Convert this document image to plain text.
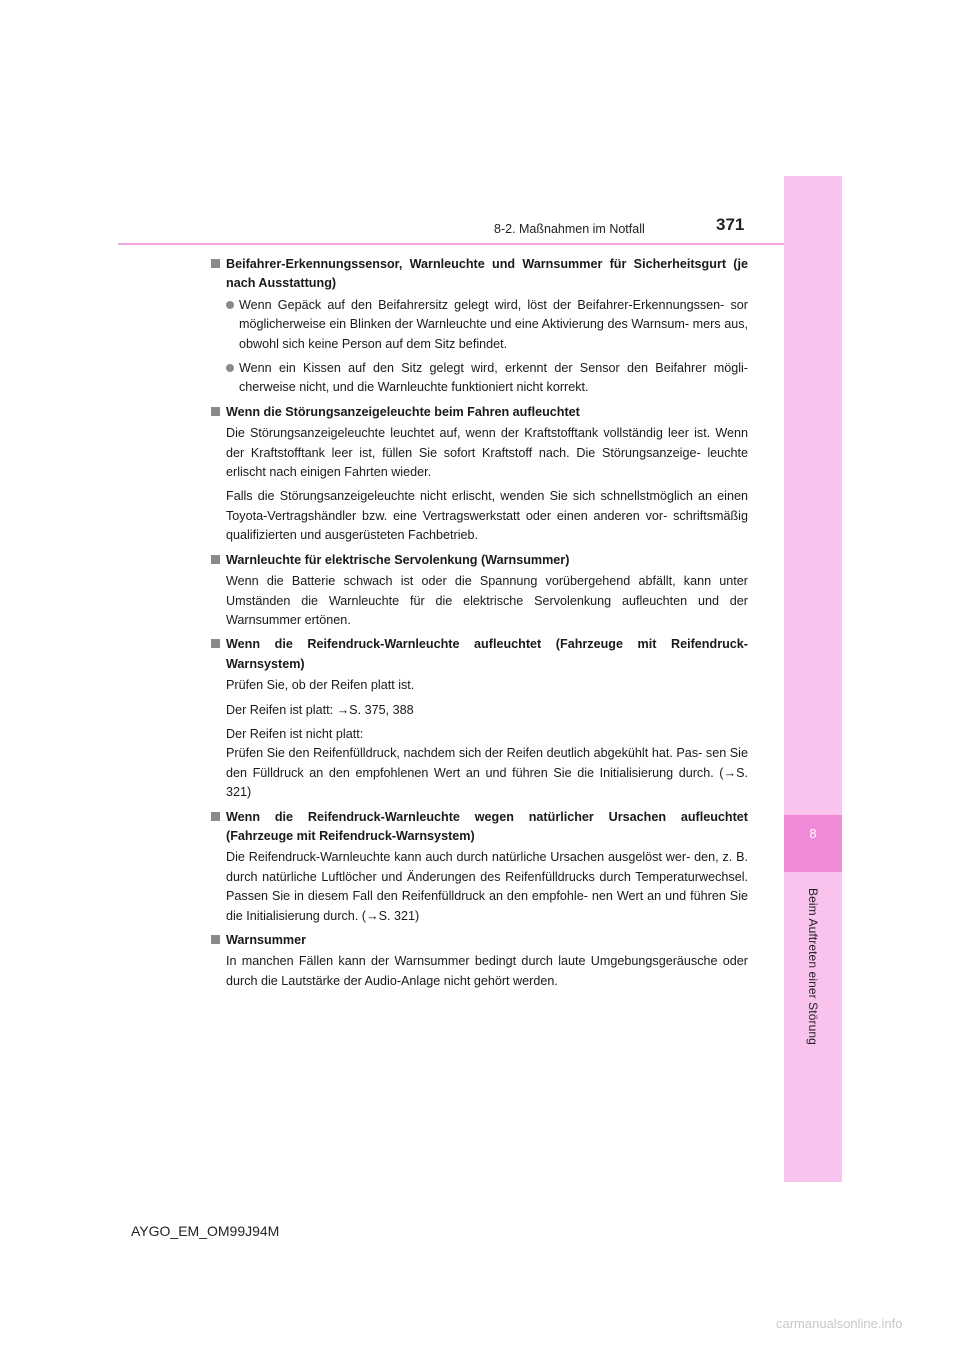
8
Beim Auftreten einer Störung
8-2. Maßnahmen im Notfall	371
Beifahrer-Erkennungssensor, Warnleuchte und Warnsummer für Sicherheitsgurt (je nach Ausstattung)
Wenn Gepäck auf den Beifahrersitz gelegt wird, löst der Beifahrer-Erkennungssen- sor möglicherweise ein Blinken der Warnleuchte und eine Aktivierung des Warnsum- mers aus, obwohl sich keine Person auf dem Sitz befindet.
Wenn ein Kissen auf den Sitz gelegt wird, erkennt der Sensor den Beifahrer mögli- cherweise nicht, und die Warnleuchte funktioniert nicht korrekt.
Wenn die Störungsanzeigeleuchte beim Fahren aufleuchtet
Die Störungsanzeigeleuchte leuchtet auf, wenn der Kraftstofftank vollständig leer ist. Wenn der Kraftstofftank leer ist, füllen Sie sofort Kraftstoff nach. Die Störungsanzeige- leuchte erlischt nach einigen Fahrten wieder.
Falls die Störungsanzeigeleuchte nicht erlischt, wenden Sie sich schnellstmöglich an einen Toyota-Vertragshändler bzw. eine Vertragswerkstatt oder einen anderen vor- schriftsmäßig qualifizierten und ausgerüsteten Fachbetrieb.
Warnleuchte für elektrische Servolenkung (Warnsummer)
Wenn die Batterie schwach ist oder die Spannung vorübergehend abfällt, kann unter Umständen die Warnleuchte für die elektrische Servolenkung aufleuchten und der Warnsummer ertönen.
Wenn die Reifendruck-Warnleuchte aufleuchtet (Fahrzeuge mit Reifendruck- Warnsystem)
Prüfen Sie, ob der Reifen platt ist.
Der Reifen ist platt: →S. 375, 388
Der Reifen ist nicht platt:
Prüfen Sie den Reifenfülldruck, nachdem sich der Reifen deutlich abgekühlt hat. Pas- sen Sie den Fülldruck an den empfohlenen Wert an und führen Sie die Initialisierung durch. (→S. 321)
Wenn die Reifendruck-Warnleuchte wegen natürlicher Ursachen aufleuchtet (Fahrzeuge mit Reifendruck-Warnsystem)
Die Reifendruck-Warnleuchte kann auch durch natürliche Ursachen ausgelöst wer- den, z. B. durch natürliche Luftlöcher und Änderungen des Reifenfülldrucks durch Temperaturwechsel. Passen Sie in diesem Fall den Reifenfülldruck an den empfohle- nen Wert an und führen Sie die Initialisierung durch. (→S. 321)
Warnsummer
In manchen Fällen kann der Warnsummer bedingt durch laute Umgebungsgeräusche oder durch die Lautstärke der Audio-Anlage nicht gehört werden.
AYGO_EM_OM99J94M
carmanualsonline.info
